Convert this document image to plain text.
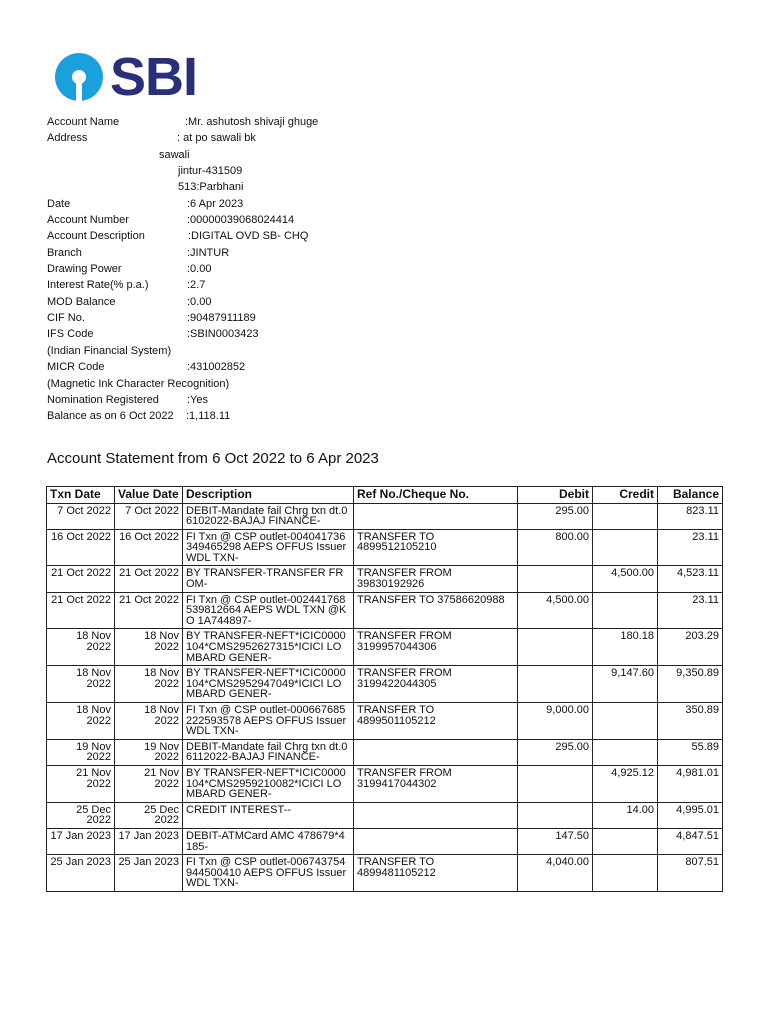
SBI
Account Name	:Mr. ashutosh shivaji ghuge
Address	: at po sawali bk
sawali
jintur-431509
513:Parbhani
Date	:6 Apr 2023
Account Number	:00000039068024414
Account Description	:DIGITAL OVD SB- CHQ
Branch	:JINTUR
Drawing Power	:0.00
Interest Rate(% p.a.)	:2.7
MOD Balance	:0.00
CIF No.	:90487911189
IFS Code	:SBIN0003423
(Indian Financial System)
MICR Code	:431002852
(Magnetic Ink Character Recognition)
Nomination Registered	:Yes
Balance as on 6 Oct 2022 :1,118.11
Account Statement from 6 Oct 2022 to 6 Apr 2023
Txn Date	Value Date	Description	Ref No./Cheque No.	Debit	Credit	Balance
7 Oct 2022	7 Oct 2022	DEBIT-Mandate fail Chrg txn dt.06102022-BAJAJ FINANCE-		295.00		823.11
16 Oct 2022	16 Oct 2022	FI Txn @ CSP outlet-004041736349465298 AEPS OFFUS Issuer WDL TXN-	TRANSFER TO 4899512105210	800.00		23.11
21 Oct 2022	21 Oct 2022	BY TRANSFER-TRANSFER FROM-	TRANSFER FROM 39830192926		4,500.00	4,523.11
21 Oct 2022	21 Oct 2022	FI Txn @ CSP outlet-002441768539812664 AEPS WDL TXN @KO 1A744897-	TRANSFER TO 37586620988	4,500.00		23.11
18 Nov 2022	18 Nov 2022	BY TRANSFER-NEFT*ICIC0000104*CMS2952627315*ICICI LOMBARD GENER-	TRANSFER FROM 3199957044306		180.18	203.29
18 Nov 2022	18 Nov 2022	BY TRANSFER-NEFT*ICIC0000104*CMS2952947049*ICICI LOMBARD GENER-	TRANSFER FROM 3199422044305		9,147.60	9,350.89
18 Nov 2022	18 Nov 2022	FI Txn @ CSP outlet-000667685222593578 AEPS OFFUS Issuer WDL TXN-	TRANSFER TO 4899501105212	9,000.00		350.89
19 Nov 2022	19 Nov 2022	DEBIT-Mandate fail Chrg txn dt.06112022-BAJAJ FINANCE-		295.00		55.89
21 Nov 2022	21 Nov 2022	BY TRANSFER-NEFT*ICIC0000104*CMS2959210082*ICICI LOMBARD GENER-	TRANSFER FROM 3199417044302		4,925.12	4,981.01
25 Dec 2022	25 Dec 2022	CREDIT INTEREST--			14.00	4,995.01
17 Jan 2023	17 Jan 2023	DEBIT-ATMCard AMC 478679*4185-		147.50		4,847.51
25 Jan 2023	25 Jan 2023	FI Txn @ CSP outlet-006743754944500410 AEPS OFFUS Issuer WDL TXN-	TRANSFER TO 4899481105212	4,040.00		807.51
